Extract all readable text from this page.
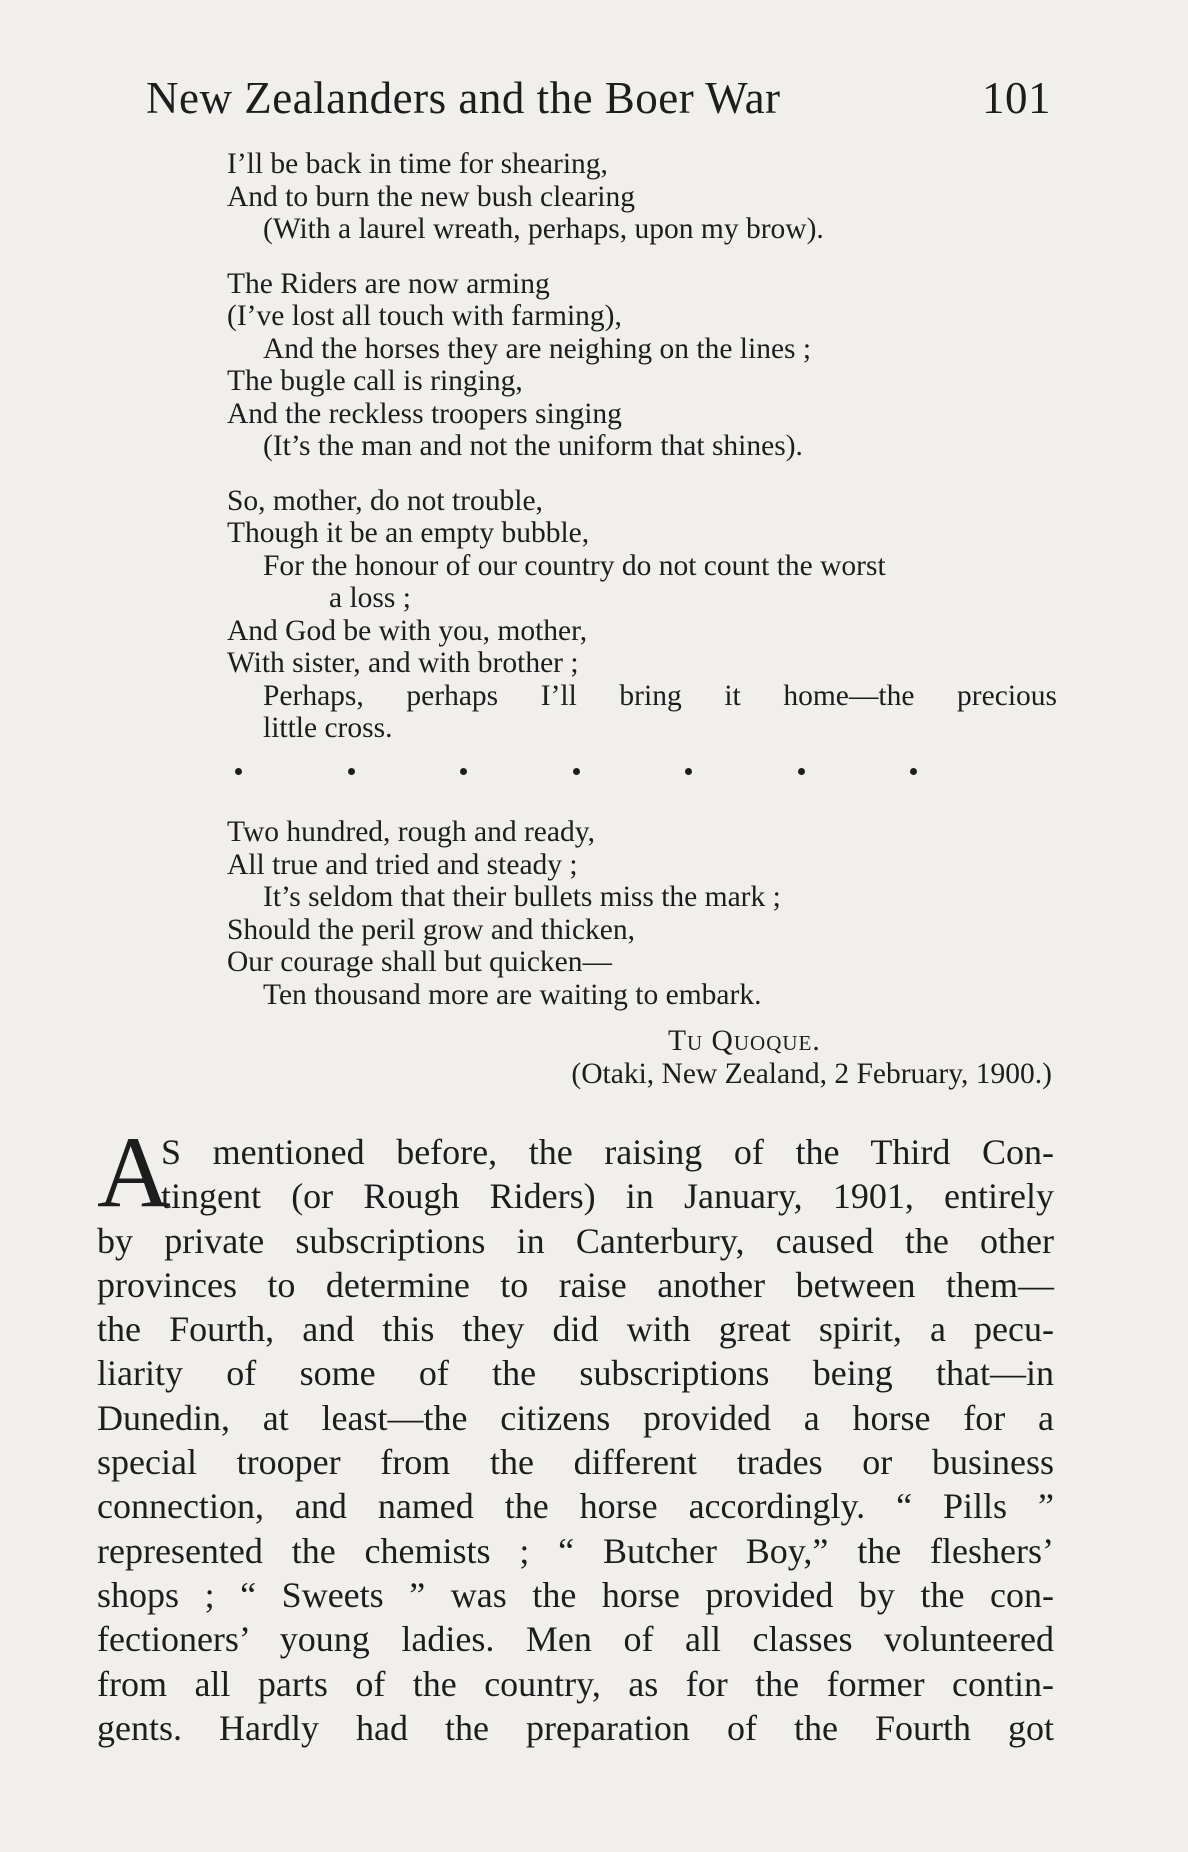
New Zealanders and the Boer War	101
I’ll be back in time for shearing,
And to burn the new bush clearing
(With a laurel wreath, perhaps, upon my brow).
The Riders are now arming
(I’ve lost all touch with farming),
And the horses they are neighing on the lines ;
The bugle call is ringing,
And the reckless troopers singing
(It’s the man and not the uniform that shines).
So, mother, do not trouble,
Though it be an empty bubble,
For the honour of our country do not count the worst
a loss ;
And God be with you, mother,
With sister, and with brother ;
Perhaps, perhaps I’ll bring it home—the precious
little cross.
Two hundred, rough and ready,
All true and tried and steady ;
It’s seldom that their bullets miss the mark ;
Should the peril grow and thicken,
Our courage shall but quicken—
Ten thousand more are waiting to embark.
Tu Quoque.
(Otaki, New Zealand, 2 February, 1900.)
A
S mentioned before, the raising of the Third Con-
tingent (or Rough Riders) in January, 1901, entirely
by private subscriptions in Canterbury, caused the other
provinces to determine to raise another between them—
the Fourth, and this they did with great spirit, a pecu-
liarity of some of the subscriptions being that—in
Dunedin, at least—the citizens provided a horse for a
special trooper from the different trades or business
connection, and named the horse accordingly. “ Pills ”
represented the chemists ; “ Butcher Boy,” the fleshers’
shops ; “ Sweets ” was the horse provided by the con-
fectioners’ young ladies. Men of all classes volunteered
from all parts of the country, as for the former contin-
gents. Hardly had the preparation of the Fourth got
